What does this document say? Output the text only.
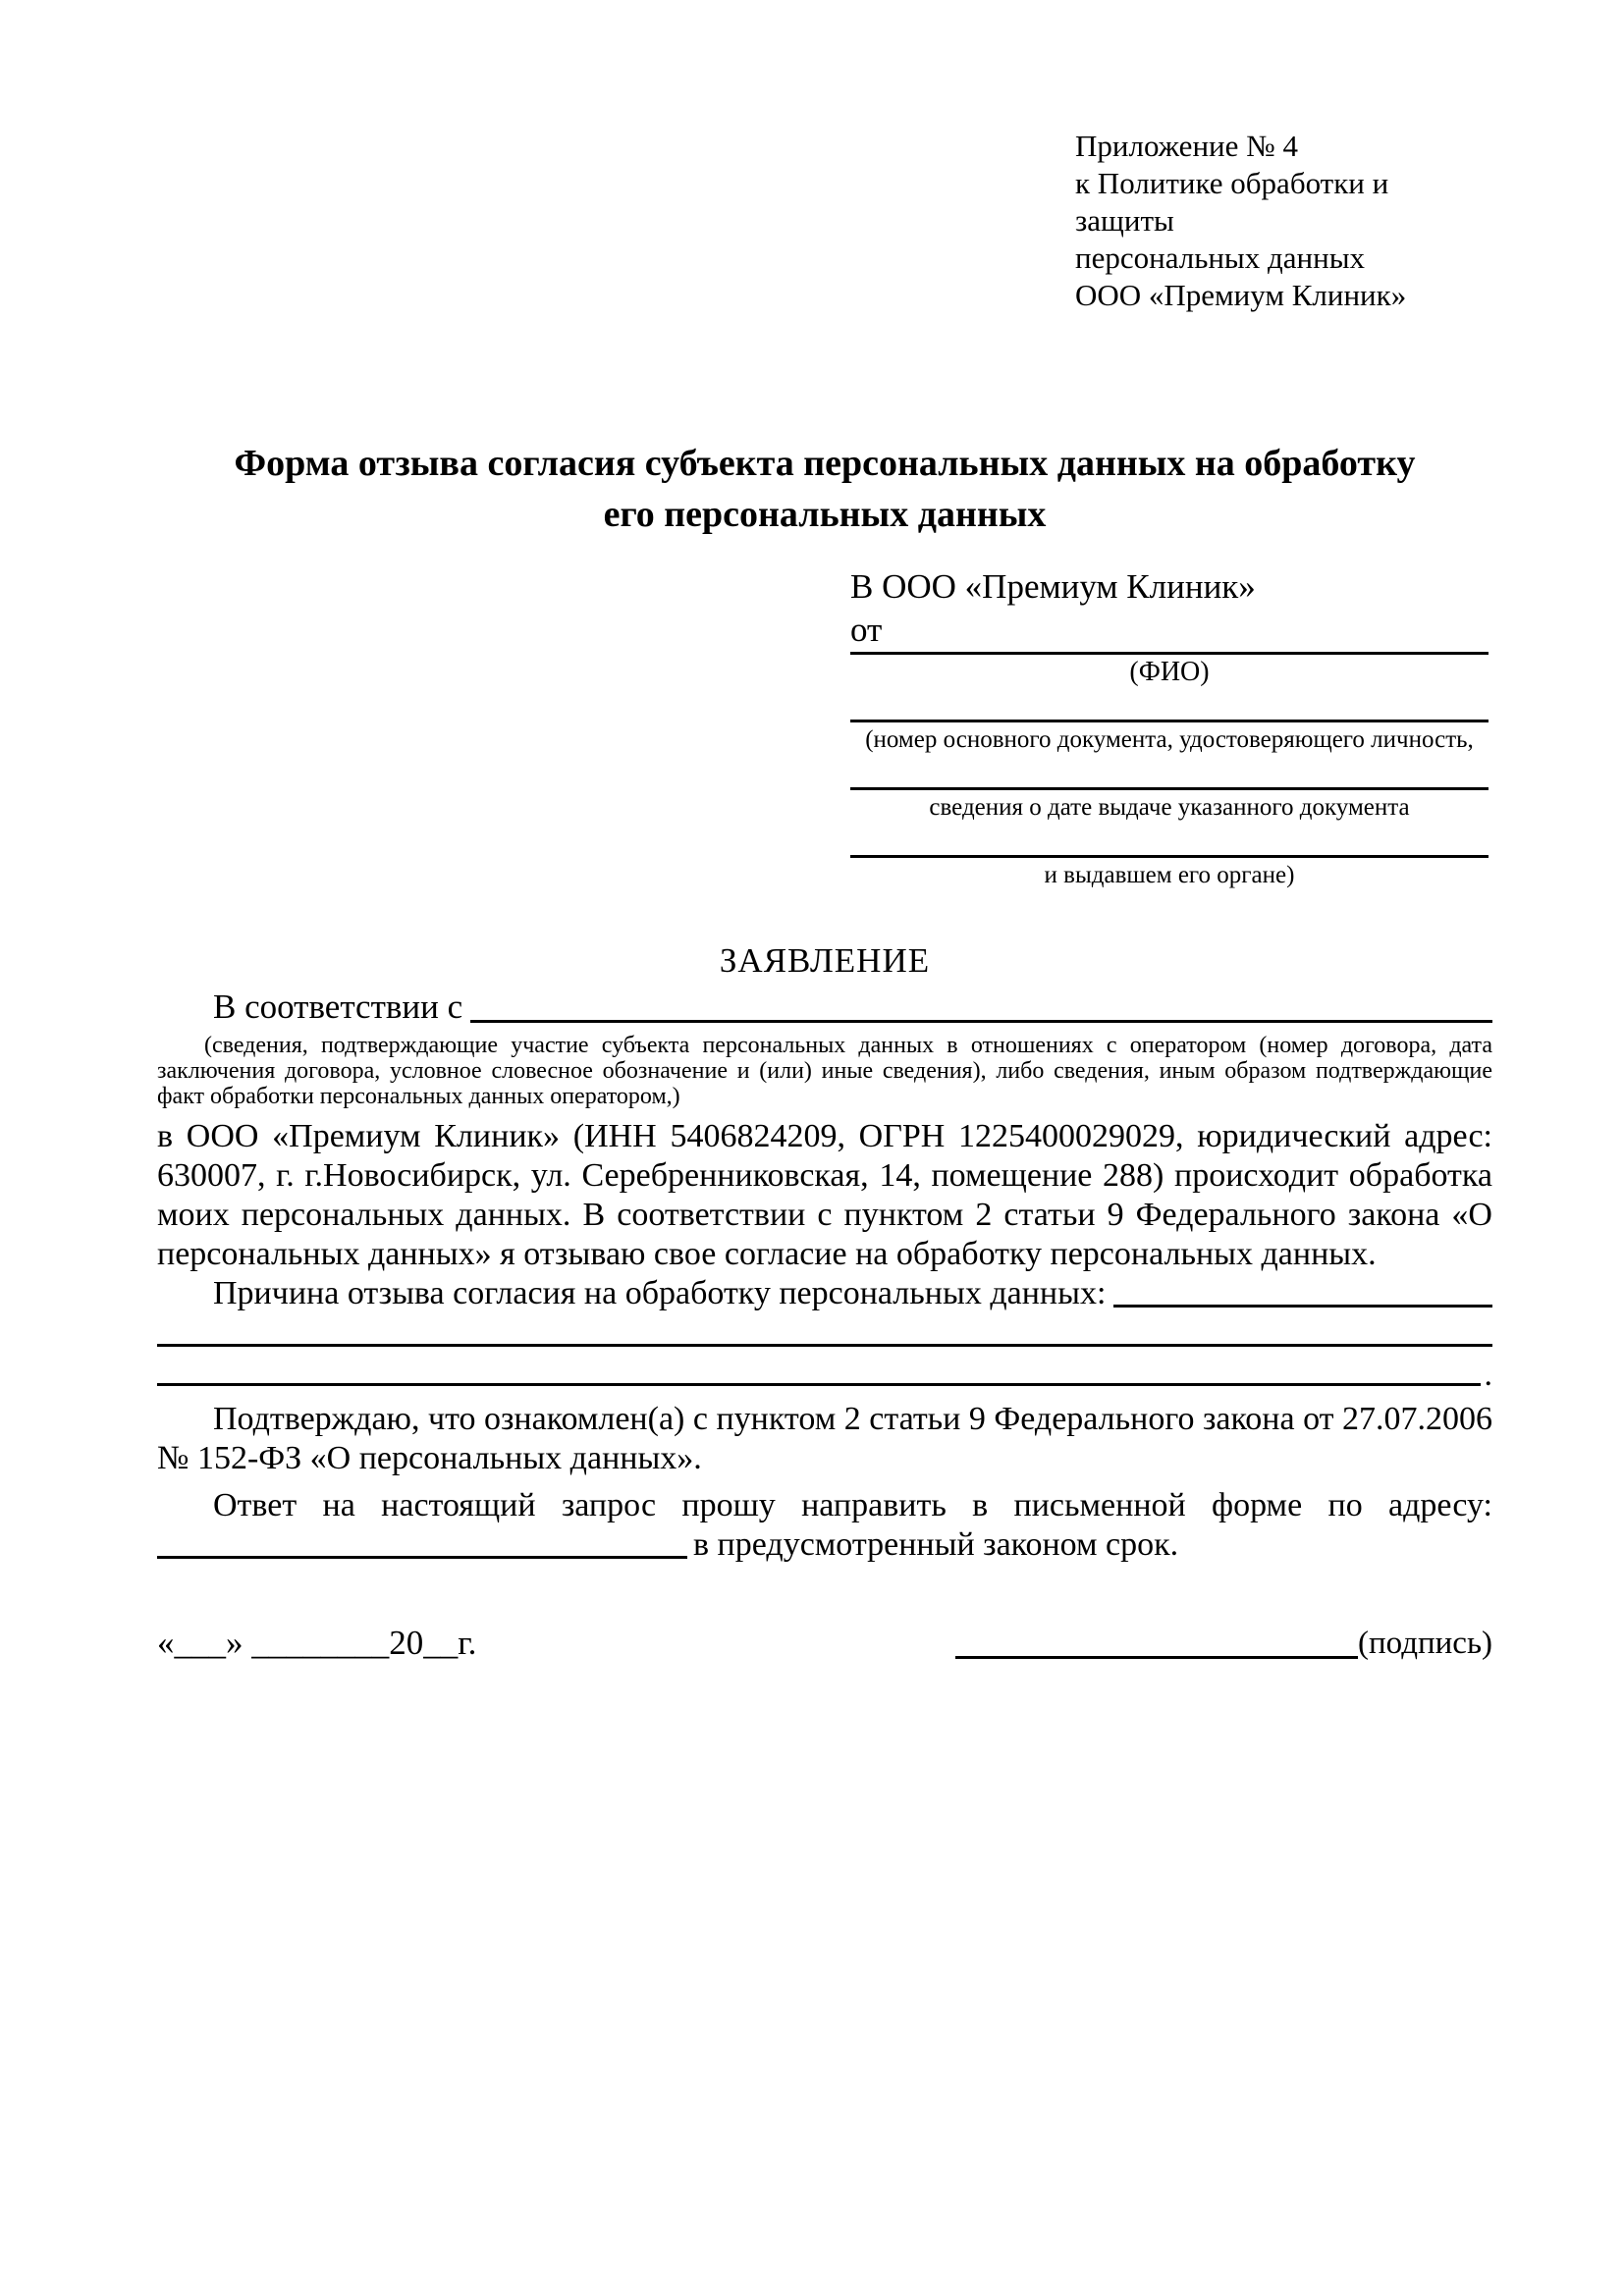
Приложение № 4
к Политике обработки и защиты
персональных данных
ООО «Премиум Клиник»
Форма отзыва согласия субъекта персональных данных на обработку
его персональных данных
В ООО «Премиум Клиник»
от
(ФИО)
(номер основного документа, удостоверяющего личность,
сведения о дате выдаче указанного документа
и выдавшем его органе)
ЗАЯВЛЕНИЕ
В соответствии с

(сведения, подтверждающие участие субъекта персональных данных в отношениях с оператором (номер договора, дата заключения договора, условное словесное обозначение и (или) иные сведения), либо сведения, иным образом подтверждающие факт обработки персональных данных оператором,)

в ООО «Премиум Клиник» (ИНН 5406824209, ОГРН 1225400029029, юридический адрес: 630007, г. г.Новосибирск, ул. Серебренниковская, 14, помещение 288) происходит обработка моих персональных данных. В соответствии с пунктом 2 статьи 9 Федерального закона «О персональных данных» я отзываю свое согласие на обработку персональных данных.

Причина отзыва согласия на обработку персональных данных:
.

Подтверждаю, что ознакомлен(а) с пунктом 2 статьи 9 Федерального закона от 27.07.2006 № 152-ФЗ «О персональных данных».

Ответ на настоящий запрос прошу направить в письменной форме по адресу:

в предусмотренный законом срок.
«___» ________20__г.	(подпись)
